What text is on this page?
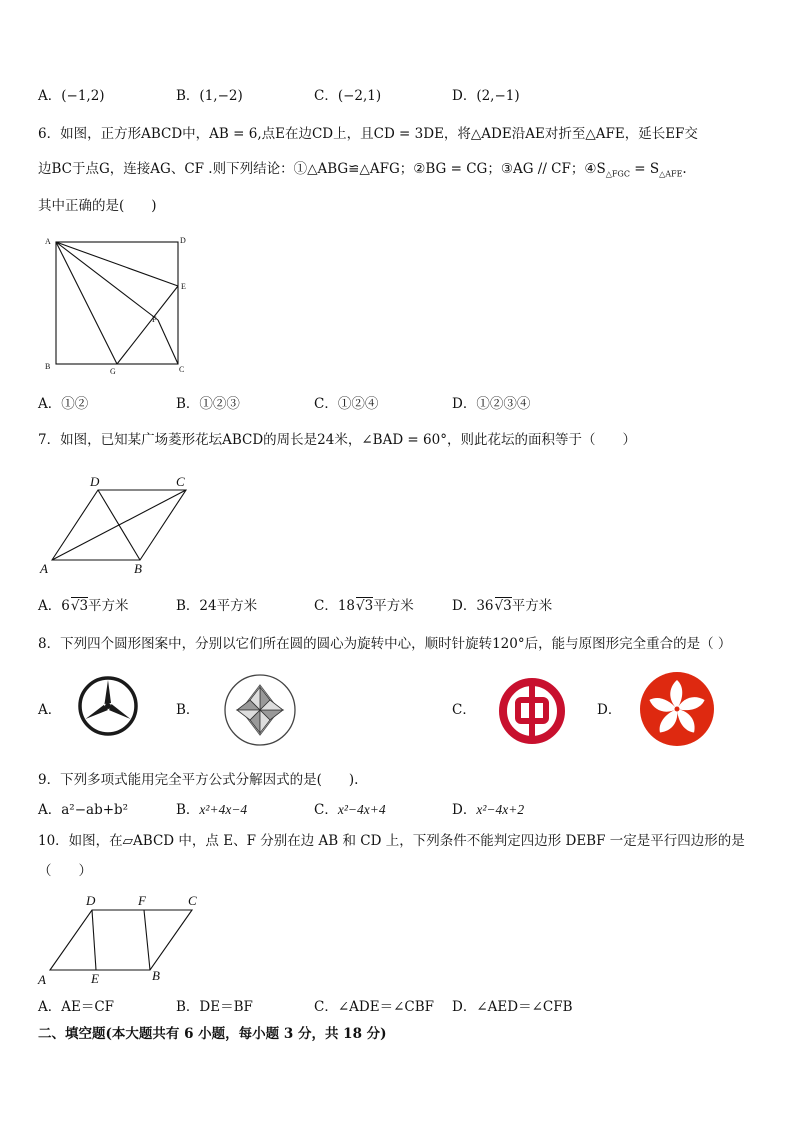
A．(−1,2)	B．(1,−2)	C．(−2,1)	D．(2,−1)
6．如图，正方形ABCD中，AB = 6,点E在边CD上，且CD = 3DE，将△ADE沿AE对折至△AFE，延长EF交
边BC于点G，连接AG、CF .则下列结论：①△ABG≌△AFG；②BG = CG；③AG // CF；$④S_{\triangle FGC} = S_{\triangle AFE}$.
其中正确的是(　　)
A	D
E
F
B
G	C
A．①②	B．①②③	C．①②④	D．①②③④
7．如图，已知某广场菱形花坛ABCD的周长是24米，∠BAD = 60°，则此花坛的面积等于（　　）
D	C
A	B
A．6√3平方米	B．24平方米	C．18√3平方米	D．36√3平方米
8．下列四个圆形图案中，分别以它们所在圆的圆心为旋转中心，顺时针旋转120°后，能与原图形完全重合的是（ ）
A．	B．	C．	D．
9．下列多项式能用完全平方公式分解因式的是(　　).
A．a²−ab+b²	B．x²+4x−4	C．x²−4x+4	D．x²−4x+2
10．如图，在▱ABCD 中，点 E、F 分别在边 AB 和 CD 上，下列条件不能判定四边形 DEBF 一定是平行四边形的是
（　　）
D	F	C
A	E	B
A．AE＝CF	B．DE＝BF	C．∠ADE＝∠CBF D．∠AED＝∠CFB
二、填空题(本大题共有 6 小题，每小题 3 分，共 18 分)
